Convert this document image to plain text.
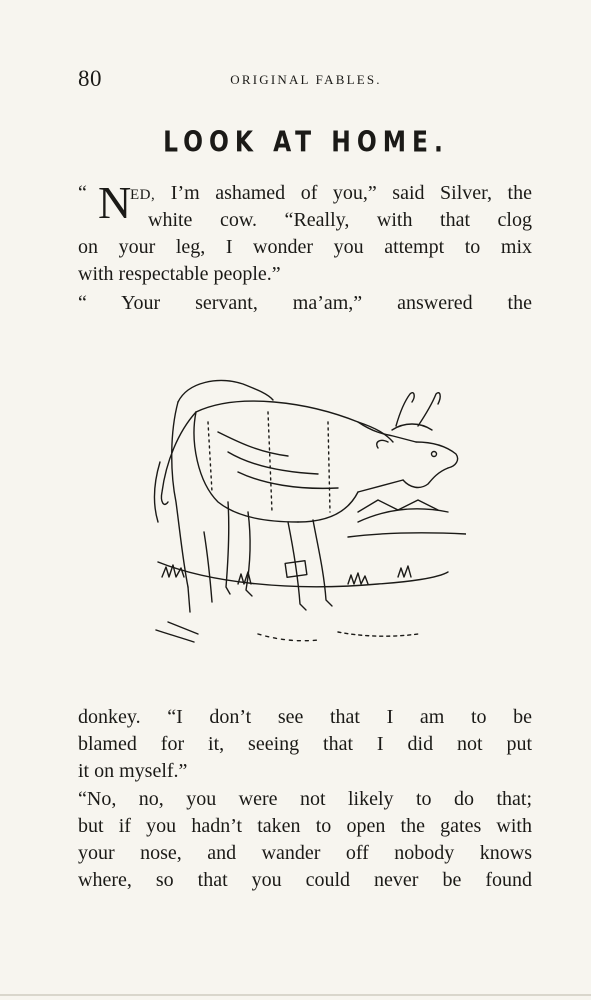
80	ORIGINAL FABLES.
LOOK AT HOME.
“ N
ED, I’m ashamed of you,” said Silver, the
white cow. “Really, with that clog
on your leg, I wonder you attempt to mix
with respectable people.”
“ Your servant, ma’am,” answered the
donkey. “I don’t see that I am to be
blamed for it, seeing that I did not put
it on myself.”
“No, no, you were not likely to do that;
but if you hadn’t taken to open the gates with
your nose, and wander off nobody knows
where, so that you could never be found
